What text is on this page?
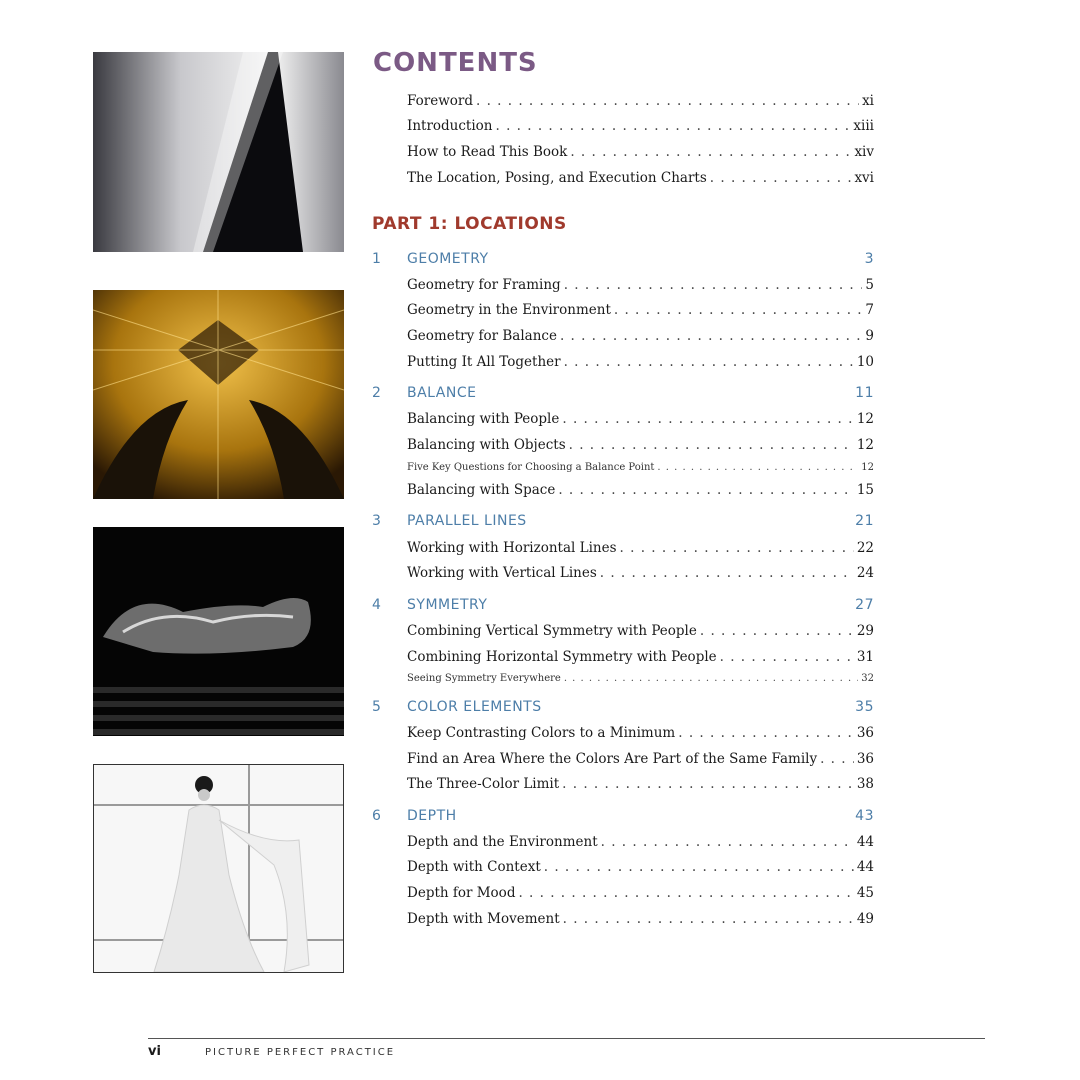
CONTENTS
Foreword . . .	xi
Introduction . . .	xiii
How to Read This Book . . .	xiv
The Location, Posing, and Execution Charts . . .	xvi
PART 1: LOCATIONS
1 GEOMETRY	3
Geometry for Framing . . .	5
Geometry in the Environment . . .	7
Geometry for Balance . . .	9
Putting It All Together . . .	10
2 BALANCE	11
Balancing with People . . .	12
Balancing with Objects . . .	12
Five Key Questions for Choosing a Balance Point . . .	12
Balancing with Space . . .	15
3 PARALLEL LINES	21
Working with Horizontal Lines . . .	22
Working with Vertical Lines . . .	24
4 SYMMETRY	27
Combining Vertical Symmetry with People . . .	29
Combining Horizontal Symmetry with People . . .	31
Seeing Symmetry Everywhere . . .	32
5 COLOR ELEMENTS	35
Keep Contrasting Colors to a Minimum . . .	36
Find an Area Where the Colors Are Part of the Same Family . . .	36
The Three-Color Limit . . .	38
6 DEPTH	43
Depth and the Environment . . .	44
Depth with Context . . .	44
Depth for Mood . . .	45
Depth with Movement . . .	49
vi	PICTURE PERFECT PRACTICE
